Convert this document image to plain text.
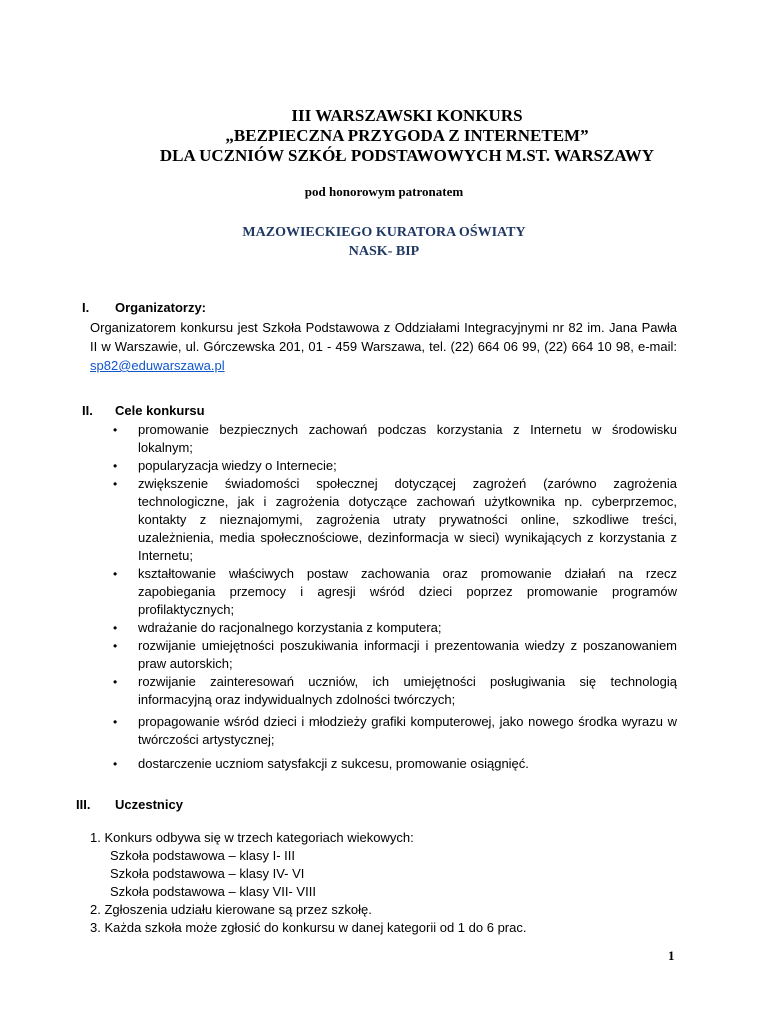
III WARSZAWSKI KONKURS
„BEZPIECZNA PRZYGODA Z INTERNETEM”
DLA UCZNIÓW SZKÓŁ PODSTAWOWYCH M.ST. WARSZAWY
pod honorowym patronatem
MAZOWIECKIEGO KURATORA OŚWIATY
NASK- BIP
I. Organizatorzy:
Organizatorem konkursu jest Szkoła Podstawowa z Oddziałami Integracyjnymi nr 82 im. Jana Pawła II w Warszawie, ul. Górczewska 201, 01 - 459 Warszawa, tel. (22) 664 06 99, (22) 664 10 98, e-mail: sp82@eduwarszawa.pl
II. Cele konkursu
• promowanie bezpiecznych zachowań podczas korzystania z Internetu w środowisku lokalnym;
• popularyzacja wiedzy o Internecie;
• zwiększenie świadomości społecznej dotyczącej zagrożeń (zarówno zagrożenia technologiczne, jak i zagrożenia dotyczące zachowań użytkownika np. cyberprzemoc, kontakty z nieznajomymi, zagrożenia utraty prywatności online, szkodliwe treści, uzależnienia, media społecznościowe, dezinformacja w sieci) wynikających z korzystania z Internetu;
• kształtowanie właściwych postaw zachowania oraz promowanie działań na rzecz zapobiegania przemocy i agresji wśród dzieci poprzez promowanie programów profilaktycznych;
• wdrażanie do racjonalnego korzystania z komputera;
• rozwijanie umiejętności poszukiwania informacji i prezentowania wiedzy z poszanowaniem praw autorskich;
• rozwijanie zainteresowań uczniów, ich umiejętności posługiwania się technologią informacyjną oraz indywidualnych zdolności twórczych;
• propagowanie wśród dzieci i młodzieży grafiki komputerowej, jako nowego środka wyrazu w twórczości artystycznej;
• dostarczenie uczniom satysfakcji z sukcesu, promowanie osiągnięć.
III. Uczestnicy
1. Konkurs odbywa się w trzech kategoriach wiekowych:
Szkoła podstawowa – klasy I- III
Szkoła podstawowa – klasy IV- VI
Szkoła podstawowa – klasy VII- VIII
2. Zgłoszenia udziału kierowane są przez szkołę.
3. Każda szkoła może zgłosić do konkursu w danej kategorii od 1 do 6 prac.
1
